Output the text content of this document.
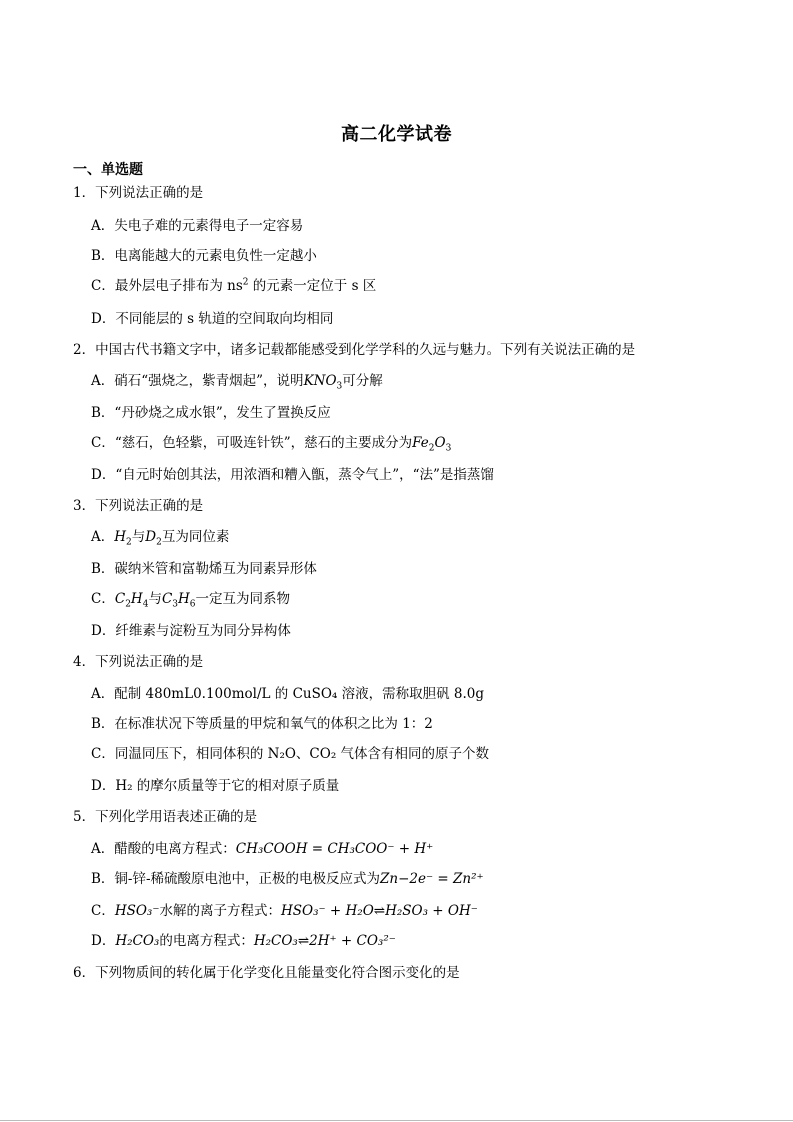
高二化学试卷
一、单选题
1．下列说法正确的是
A．失电子难的元素得电子一定容易
B．电离能越大的元素电负性一定越小
C．最外层电子排布为 $ns^2$ 的元素一定位于 s 区
D．不同能层的 s 轨道的空间取向均相同
2．中国古代书籍文字中，诸多记载都能感受到化学学科的久远与魅力。下列有关说法正确的是
A．硝石“强烧之，紫青烟起”，说明$KNO_3$可分解
B．“丹砂烧之成水银”，发生了置换反应
C．“慈石，色轻紫，可吸连针铁”，慈石的主要成分为$Fe_2O_3$
D．“自元时始创其法，用浓酒和糟入甑，蒸令气上”，“法”是指蒸馏
3．下列说法正确的是
A．$H_2$与$D_2$互为同位素
B．碳纳米管和富勒烯互为同素异形体
C．$C_2H_4$与$C_3H_6$一定互为同系物
D．纤维素与淀粉互为同分异构体
4．下列说法正确的是
A．配制 480mL0.100mol/L 的 CuSO₄ 溶液，需称取胆矾 8.0g
B．在标准状况下等质量的甲烷和氧气的体积之比为 1：2
C．同温同压下，相同体积的 N₂O、CO₂ 气体含有相同的原子个数
D．H₂ 的摩尔质量等于它的相对原子质量
5．下列化学用语表述正确的是
A．醋酸的电离方程式：CH₃COOH = CH₃COO⁻ + H⁺
B．铜-锌-稀硫酸原电池中，正极的电极反应式为Zn−2e⁻ = Zn²⁺
C．HSO₃⁻水解的离子方程式：HSO₃⁻ + H₂O⇌H₂SO₃ + OH⁻
D．H₂CO₃的电离方程式：H₂CO₃⇌2H⁺ + CO₃²⁻
6．下列物质间的转化属于化学变化且能量变化符合图示变化的是
